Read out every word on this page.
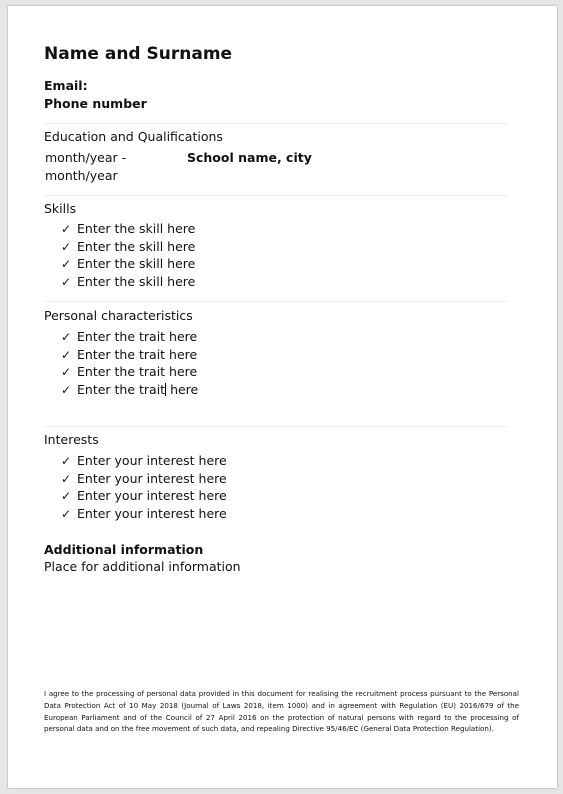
Name and Surname
Email:
Phone number
Education and Qualifications
month/year -
month/year
School name, city
Skills
✓ Enter the skill here
✓ Enter the skill here
✓ Enter the skill here
✓ Enter the skill here
Personal characteristics
✓ Enter the trait here
✓ Enter the trait here
✓ Enter the trait here
✓ Enter the trait here
Interests
✓ Enter your interest here
✓ Enter your interest here
✓ Enter your interest here
✓ Enter your interest here
Additional information
Place for additional information
I agree to the processing of personal data provided in this document for realising the recruitment process pursuant to the Personal Data Protection Act of 10 May 2018 (Journal of Laws 2018, item 1000) and in agreement with Regulation (EU) 2016/679 of the European Parliament and of the Council of 27 April 2016 on the protection of natural persons with regard to the processing of personal data and on the free movement of such data, and repealing Directive 95/46/EC (General Data Protection Regulation).
